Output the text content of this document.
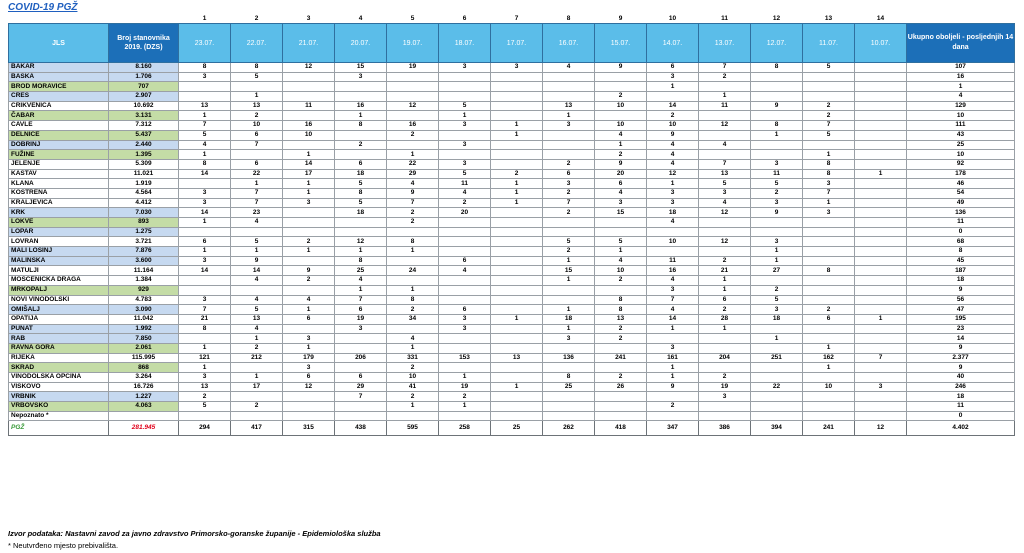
COVID-19 PGŽ
		1	2	3	4	5	6	7	8	9	10	11	12	13	14	
JLS	Broj stanovnika 2019. (DZS)	23.07.	22.07.	21.07.	20.07.	19.07.	18.07.	17.07.	16.07.	15.07.	14.07.	13.07.	12.07.	11.07.	10.07.	Ukupno oboljeli - posljednjih 14 dana
BAKAR	8.160	8	8	12	15	19	3	3	4	9	6	7	8	5		107
BAŠKA	1.706	3	5		3						3	2				16
BROD MORAVICE	707										1					1
CRES	2.907		1							2		1				4
CRIKVENICA	10.692	13	13	11	16	12	5		13	10	14	11	9	2		129
ČABAR	3.131	1	2		1		1		1		2			2		10
ČAVLE	7.312	7	10	16	8	16	3	1	3	10	10	12	8	7		111
DELNICE	5.437	5	6	10		2		1		4	9		1	5		43
DOBRINJ	2.440	4	7		2		3			1	4	4				25
FUŽINE	1.395	1		1		1				2	4			1		10
JELENJE	5.309	8	6	14	6	22	3		2	9	4	7	3	8		92
KASTAV	11.021	14	22	17	18	29	5	2	6	20	12	13	11	8	1	178
KLANA	1.919		1	1	5	4	11	1	3	6	1	5	5	3		46
KOSTRENA	4.564	3	7	1	8	9	4	1	2	4	3	3	2	7		54
KRALJEVICA	4.412	3	7	3	5	7	2	1	7	3	3	4	3	1		49
KRK	7.030	14	23		18	2	20		2	15	18	12	9	3		136
LOKVE	893	1	4			2					4					11
LOPAR	1.275															0
LOVRAN	3.721	6	5	2	12	8			5	5	10	12	3			68
MALI LOŠINJ	7.876	1	1	1	1	1			2	1			1			8
MALINSKA	3.600	3	9		8		6		1	4	11	2	1			45
MATULJI	11.164	14	14	9	25	24	4		15	10	16	21	27	8		187
MOŠĆENIČKA DRAGA	1.384		4	2	4				1	2	4	1				18
MRKOPALJ	929				1	1					3	1	2			9
NOVI VINODOLSKI	4.783	3	4	4	7	8				8	7	6	5			56
OMIŠALJ	3.090	7	5	1	6	2	6		1	8	4	2	3	2		47
OPATIJA	11.042	21	13	6	19	34	3	1	18	13	14	28	18	6	1	195
PUNAT	1.992	8	4		3		3		1	2	1	1				23
RAB	7.850		1	3		4			3	2			1			14
RAVNA GORA	2.061	1	2	1		1					3			1		9
RIJEKA	115.995	121	212	179	206	331	153	13	136	241	161	204	251	162	7	2.377
SKRAD	868	1		3		2					1			1		9
VINODOLSKA OPĆINA	3.264	3	1	6	6	10	1		8	2	1	2				40
VIŠKOVO	16.726	13	17	12	29	41	19	1	25	26	9	19	22	10	3	246
VRBNIK	1.227	2			7	2	2					3				18
VRBOVSKO	4.063	5	2			1	1				2					11
Nepoznato *																0
PGŽ	281.945	294	417	315	438	595	258	25	262	418	347	386	394	241	12	4.402
Izvor podataka: Nastavni zavod za javno zdravstvo Primorsko-goranske županije - Epidemiološka služba
* Neutvrđeno mjesto prebivališta.
